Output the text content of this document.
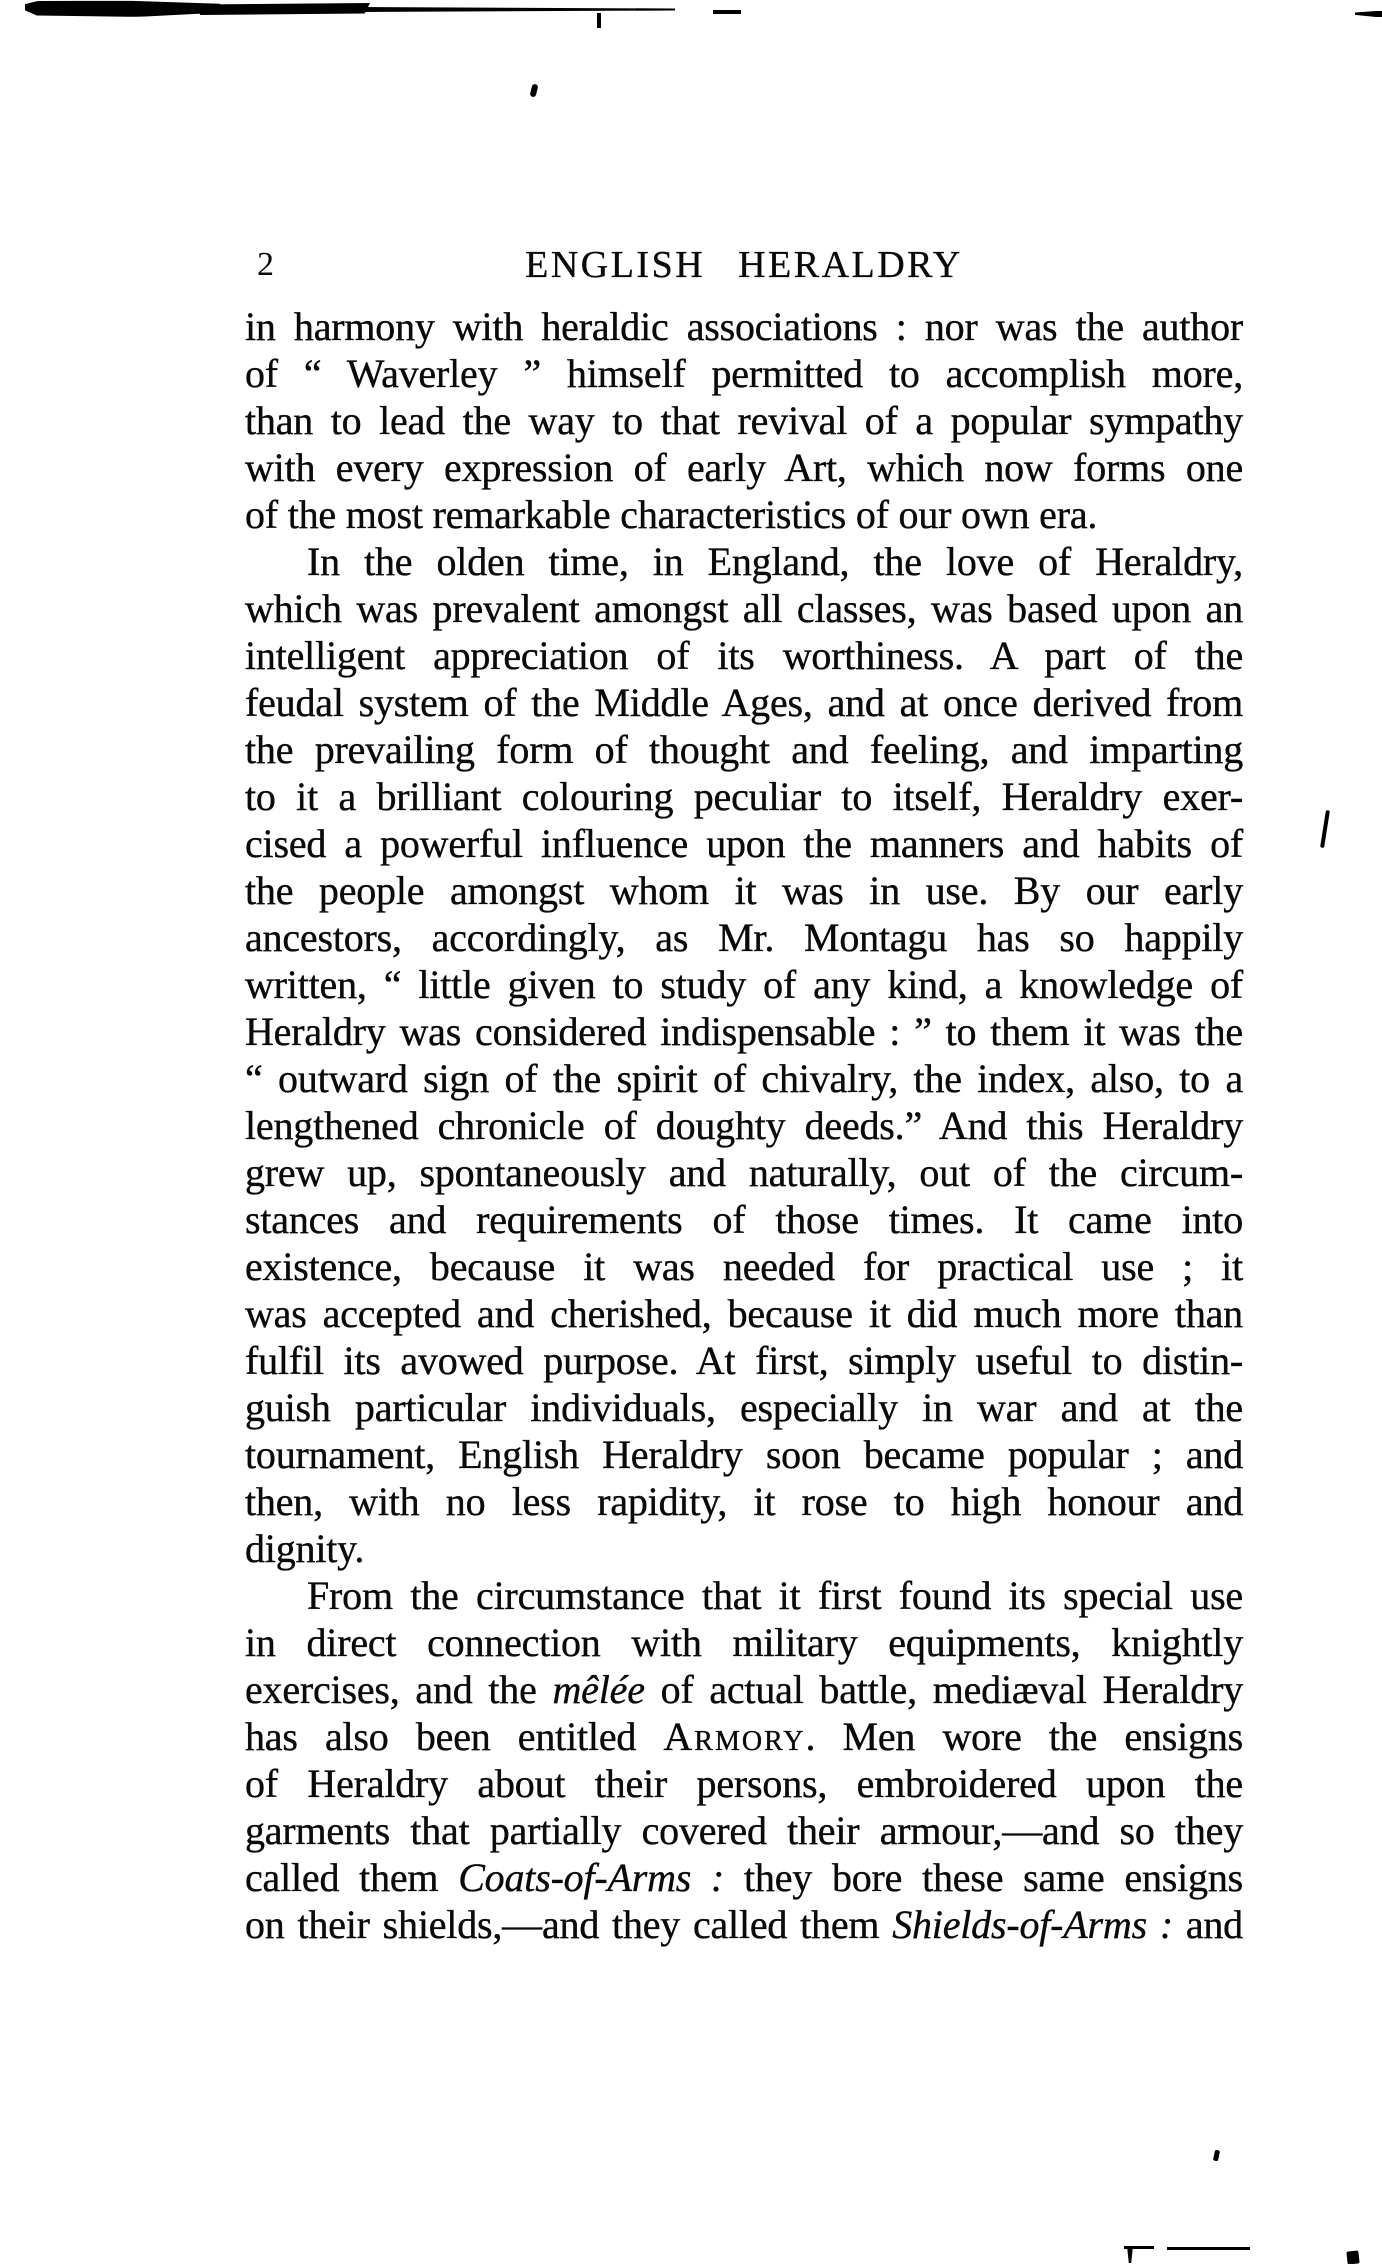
2	ENGLISH HERALDRY
in harmony with heraldic associations : nor was the author
of “ Waverley ” himself permitted to accomplish more,
than to lead the way to that revival of a popular sympathy
with every expression of early Art, which now forms one
of the most remarkable characteristics of our own era.
In the olden time, in England, the love of Heraldry,
which was prevalent amongst all classes, was based upon an
intelligent appreciation of its worthiness. A part of the
feudal system of the Middle Ages, and at once derived from
the prevailing form of thought and feeling, and imparting
to it a brilliant colouring peculiar to itself, Heraldry exer-
cised a powerful influence upon the manners and habits of
the people amongst whom it was in use. By our early
ancestors, accordingly, as Mr. Montagu has so happily
written, “ little given to study of any kind, a knowledge of
Heraldry was considered indispensable : ” to them it was the
“ outward sign of the spirit of chivalry, the index, also, to a
lengthened chronicle of doughty deeds.” And this Heraldry
grew up, spontaneously and naturally, out of the circum-
stances and requirements of those times. It came into
existence, because it was needed for practical use ; it
was accepted and cherished, because it did much more than
fulfil its avowed purpose. At first, simply useful to distin-
guish particular individuals, especially in war and at the
tournament, English Heraldry soon became popular ; and
then, with no less rapidity, it rose to high honour and
dignity.
From the circumstance that it first found its special use
in direct connection with military equipments, knightly
exercises, and the mêlée of actual battle, mediæval Heraldry
has also been entitled Armory. Men wore the ensigns
of Heraldry about their persons, embroidered upon the
garments that partially covered their armour,—and so they
called them Coats-of-Arms : they bore these same ensigns
on their shields,—and they called them Shields-of-Arms : and
